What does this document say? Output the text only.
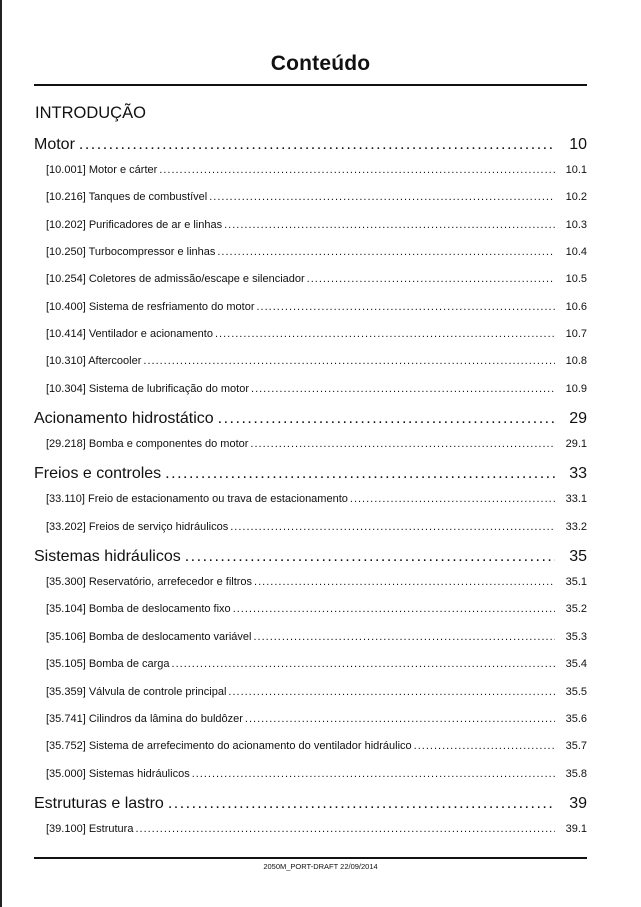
Conteúdo
INTRODUÇÃO
Motor .....	10
[10.001] Motor e cárter .....	10.1
[10.216] Tanques de combustível .....	10.2
[10.202] Purificadores de ar e linhas .....	10.3
[10.250] Turbocompressor e linhas .....	10.4
[10.254] Coletores de admissão/escape e silenciador .....	10.5
[10.400] Sistema de resfriamento do motor .....	10.6
[10.414] Ventilador e acionamento .....	10.7
[10.310] Aftercooler .....	10.8
[10.304] Sistema de lubrificação do motor .....	10.9
Acionamento hidrostático .....	29
[29.218] Bomba e componentes do motor .....	29.1
Freios e controles .....	33
[33.110] Freio de estacionamento ou trava de estacionamento .....	33.1
[33.202] Freios de serviço hidráulicos .....	33.2
Sistemas hidráulicos .....	35
[35.300] Reservatório, arrefecedor e filtros .....	35.1
[35.104] Bomba de deslocamento fixo .....	35.2
[35.106] Bomba de deslocamento variável .....	35.3
[35.105] Bomba de carga .....	35.4
[35.359] Válvula de controle principal .....	35.5
[35.741] Cilindros da lâmina do buldôzer .....	35.6
[35.752] Sistema de arrefecimento do acionamento do ventilador hidráulico .....	35.7
[35.000] Sistemas hidráulicos .....	35.8
Estruturas e lastro .....	39
[39.100] Estrutura .....	39.1
2050M_PORT-DRAFT 22/09/2014
